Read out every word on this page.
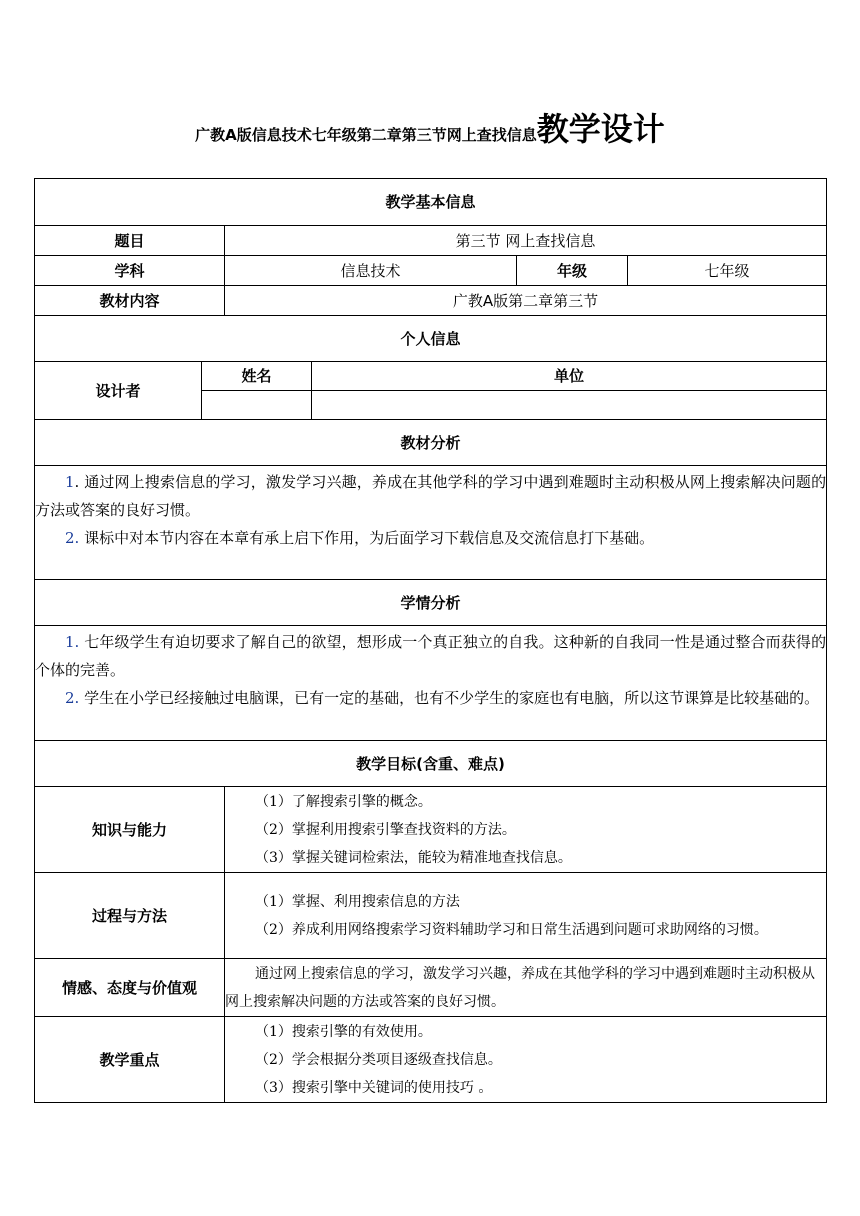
广教A版信息技术七年级第二章第三节网上查找信息教学设计
教学基本信息					
题目		第三节 网上查找信息			
学科		信息技术		年级	七年级
教材内容		广教A版第二章第三节			
个人信息					
设计者	姓名		单位		

教材分析					

1. 通过网上搜索信息的学习，激发学习兴趣，养成在其他学科的学习中遇到难题时主动积极从网上搜索解决问题的方法或答案的良好习惯。
2. 课标中对本节内容在本章有承上启下作用，为后面学习下载信息及交流信息打下基础。					

学情分析					

1. 七年级学生有迫切要求了解自己的欲望，想形成一个真正独立的自我。这种新的自我同一性是通过整合而获得的个体的完善。
2. 学生在小学已经接触过电脑课，已有一定的基础，也有不少学生的家庭也有电脑，所以这节课算是比较基础的。					

教学目标(含重、难点)					
知识与能力		（1）了解搜索引擎的概念。
（2）掌握利用搜索引擎查找资料的方法。
（3）掌握关键词检索法，能较为精准地查找信息。			

过程与方法		（1）掌握、利用搜索信息的方法
（2）养成利用网络搜索学习资料辅助学习和日常生活遇到问题可求助网络的习惯。			

情感、态度与价值观		通过网上搜索信息的学习，激发学习兴趣，养成在其他学科的学习中遇到难题时主动积极从网上搜索解决问题的方法或答案的良好习惯。			

教学重点		（1）搜索引擎的有效使用。
（2）学会根据分类项目逐级查找信息。
（3）搜索引擎中关键词的使用技巧 。			
